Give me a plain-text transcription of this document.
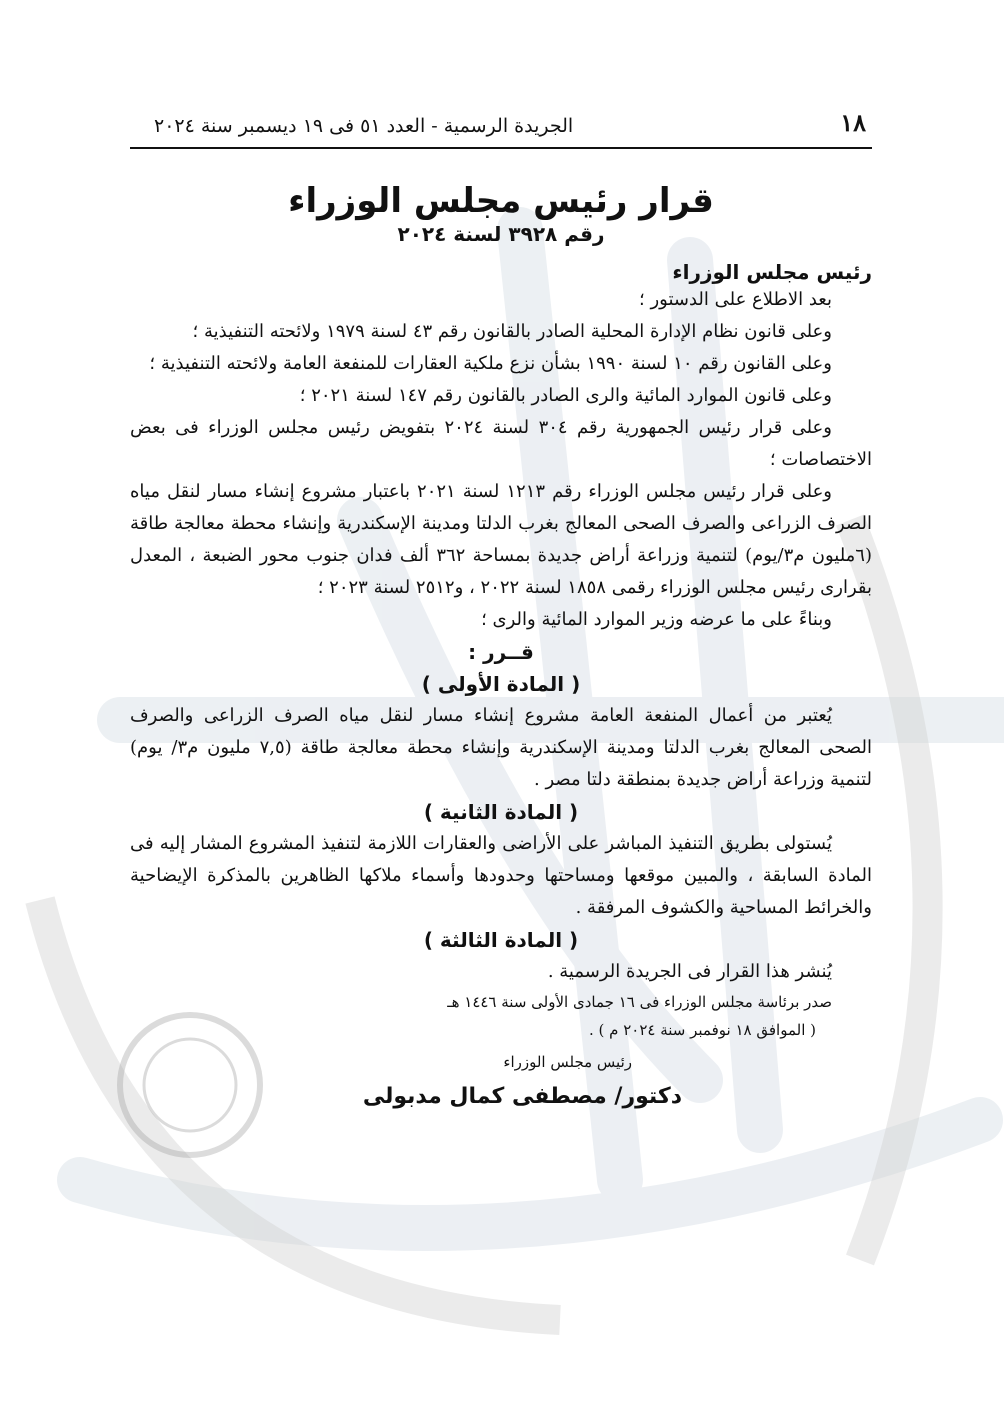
١٨
الجريدة الرسمية - العدد ٥١ فى ١٩ ديسمبر سنة ٢٠٢٤
قرار رئيس مجلس الوزراء
رقم ٣٩٢٨ لسنة ٢٠٢٤
رئيس مجلس الوزراء

بعد الاطلاع على الدستور ؛

وعلى قانون نظام الإدارة المحلية الصادر بالقانون رقم ٤٣ لسنة ١٩٧٩ ولائحته التنفيذية ؛

وعلى القانون رقم ١٠ لسنة ١٩٩٠ بشأن نزع ملكية العقارات للمنفعة العامة ولائحته التنفيذية ؛

وعلى قانون الموارد المائية والرى الصادر بالقانون رقم ١٤٧ لسنة ٢٠٢١ ؛

وعلى قرار رئيس الجمهورية رقم ٣٠٤ لسنة ٢٠٢٤ بتفويض رئيس مجلس الوزراء فى بعض الاختصاصات ؛

وعلى قرار رئيس مجلس الوزراء رقم ١٢١٣ لسنة ٢٠٢١ باعتبار مشروع إنشاء مسار لنقل مياه الصرف الزراعى والصرف الصحى المعالج بغرب الدلتا ومدينة الإسكندرية وإنشاء محطة معالجة طاقة (٦مليون م٣/يوم) لتنمية وزراعة أراض جديدة بمساحة ٣٦٢ ألف فدان جنوب محور الضبعة ، المعدل بقرارى رئيس مجلس الوزراء رقمى ١٨٥٨ لسنة ٢٠٢٢ ، و٢٥١٢ لسنة ٢٠٢٣ ؛

وبناءً على ما عرضه وزير الموارد المائية والرى ؛

قــرر :

( المادة الأولى )

يُعتبر من أعمال المنفعة العامة مشروع إنشاء مسار لنقل مياه الصرف الزراعى والصرف الصحى المعالج بغرب الدلتا ومدينة الإسكندرية وإنشاء محطة معالجة طاقة (٧,٥ مليون م٣/ يوم) لتنمية وزراعة أراض جديدة بمنطقة دلتا مصر .

( المادة الثانية )

يُستولى بطريق التنفيذ المباشر على الأراضى والعقارات اللازمة لتنفيذ المشروع المشار إليه فى المادة السابقة ، والمبين موقعها ومساحتها وحدودها وأسماء ملاكها الظاهرين بالمذكرة الإيضاحية والخرائط المساحية والكشوف المرفقة .

( المادة الثالثة )

يُنشر هذا القرار فى الجريدة الرسمية .

صدر برئاسة مجلس الوزراء فى ١٦ جمادى الأولى سنة ١٤٤٦ هـ

( الموافق ١٨ نوفمبر سنة ٢٠٢٤ م ) .

رئيس مجلس الوزراء

دكتور/ مصطفى كمال مدبولى
